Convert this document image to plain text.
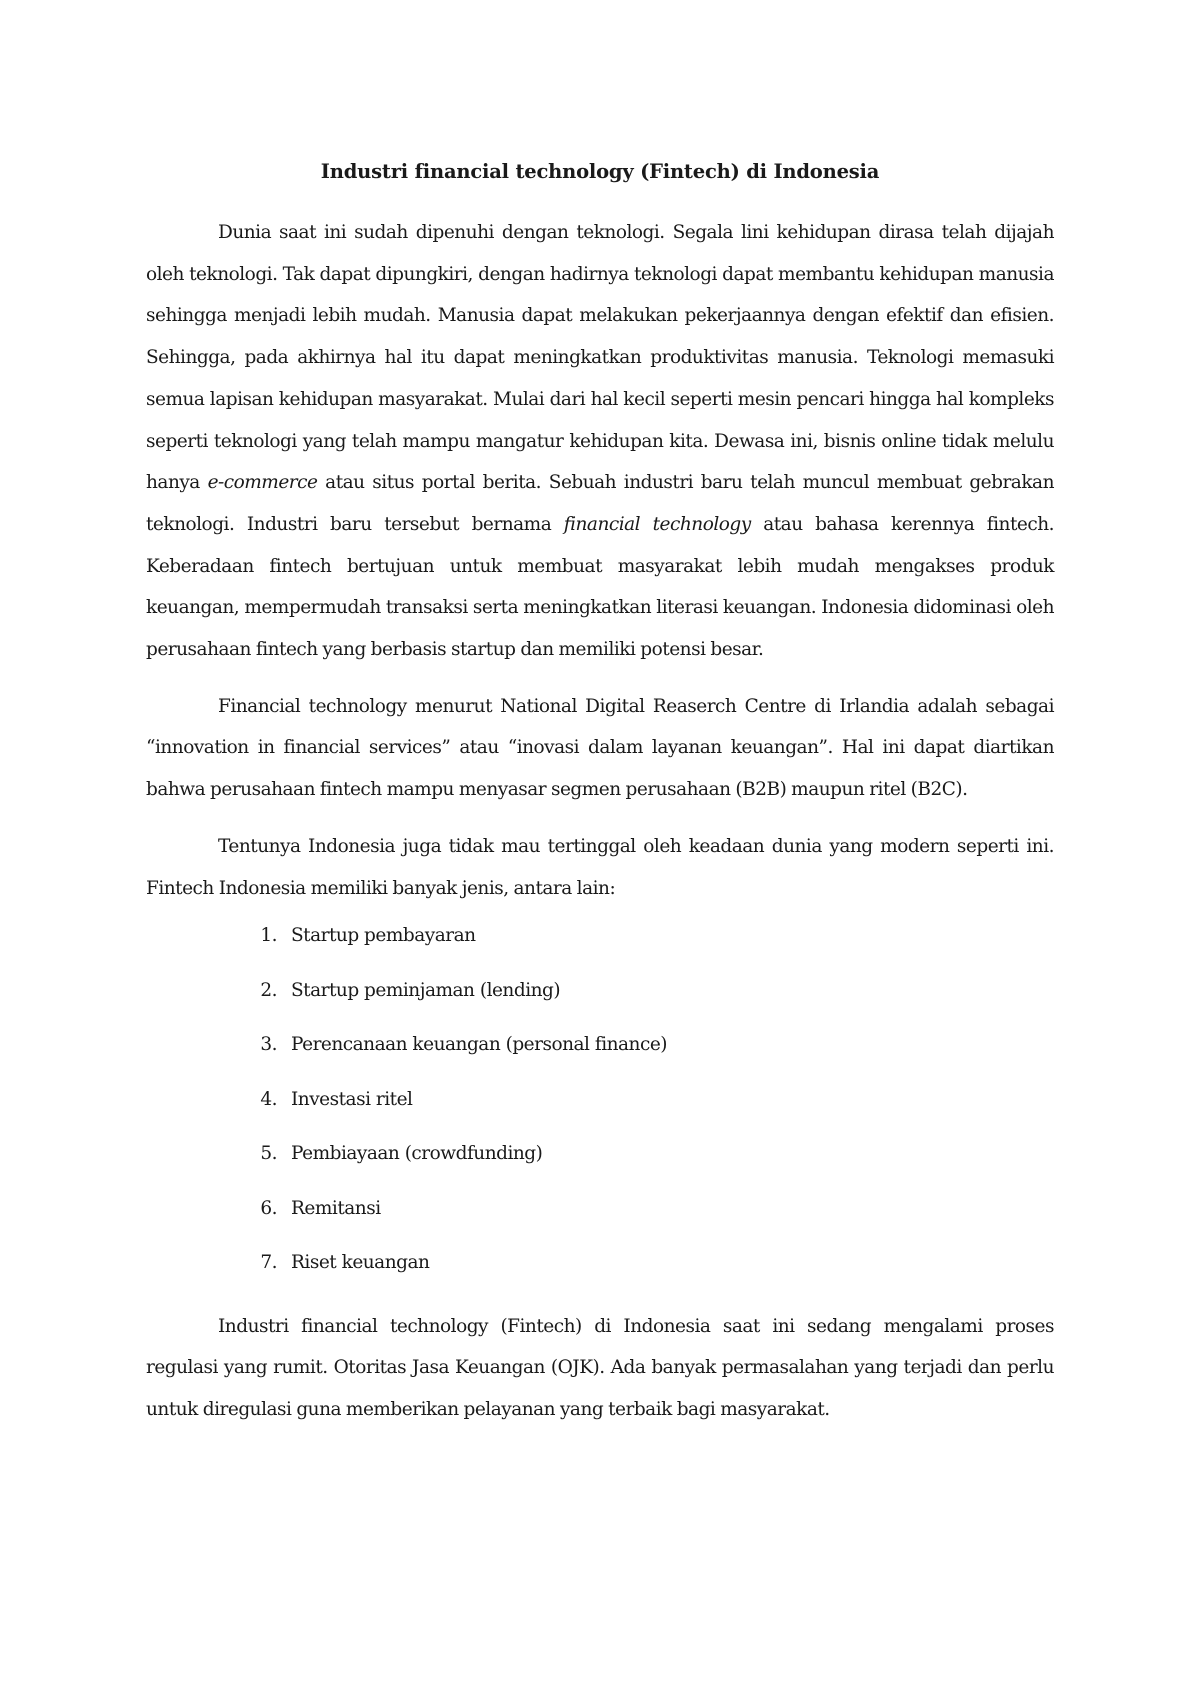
Industri financial technology (Fintech) di Indonesia

Dunia saat ini sudah dipenuhi dengan teknologi. Segala lini kehidupan dirasa telah dijajah oleh teknologi. Tak dapat dipungkiri, dengan hadirnya teknologi dapat membantu kehidupan manusia sehingga menjadi lebih mudah. Manusia dapat melakukan pekerjaannya dengan efektif dan efisien. Sehingga, pada akhirnya hal itu dapat meningkatkan produktivitas manusia. Teknologi memasuki semua lapisan kehidupan masyarakat. Mulai dari hal kecil seperti mesin pencari hingga hal kompleks seperti teknologi yang telah mampu mangatur kehidupan kita. Dewasa ini, bisnis online tidak melulu hanya e-commerce atau situs portal berita. Sebuah industri baru telah muncul membuat gebrakan teknologi. Industri baru tersebut bernama financial technology atau bahasa kerennya fintech. Keberadaan fintech bertujuan untuk membuat masyarakat lebih mudah mengakses produk keuangan, mempermudah transaksi serta meningkatkan literasi keuangan. Indonesia didominasi oleh perusahaan fintech yang berbasis startup dan memiliki potensi besar.

Financial technology menurut National Digital Reaserch Centre di Irlandia adalah sebagai “innovation in financial services” atau “inovasi dalam layanan keuangan”. Hal ini dapat diartikan bahwa perusahaan fintech mampu menyasar segmen perusahaan (B2B) maupun ritel (B2C).

Tentunya Indonesia juga tidak mau tertinggal oleh keadaan dunia yang modern seperti ini. Fintech Indonesia memiliki banyak jenis, antara lain:

1. Startup pembayaran
2. Startup peminjaman (lending)
3. Perencanaan keuangan (personal finance)
4. Investasi ritel
5. Pembiayaan (crowdfunding)
6. Remitansi
7. Riset keuangan

Industri financial technology (Fintech) di Indonesia saat ini sedang mengalami proses regulasi yang rumit. Otoritas Jasa Keuangan (OJK). Ada banyak permasalahan yang terjadi dan perlu untuk diregulasi guna memberikan pelayanan yang terbaik bagi masyarakat.
